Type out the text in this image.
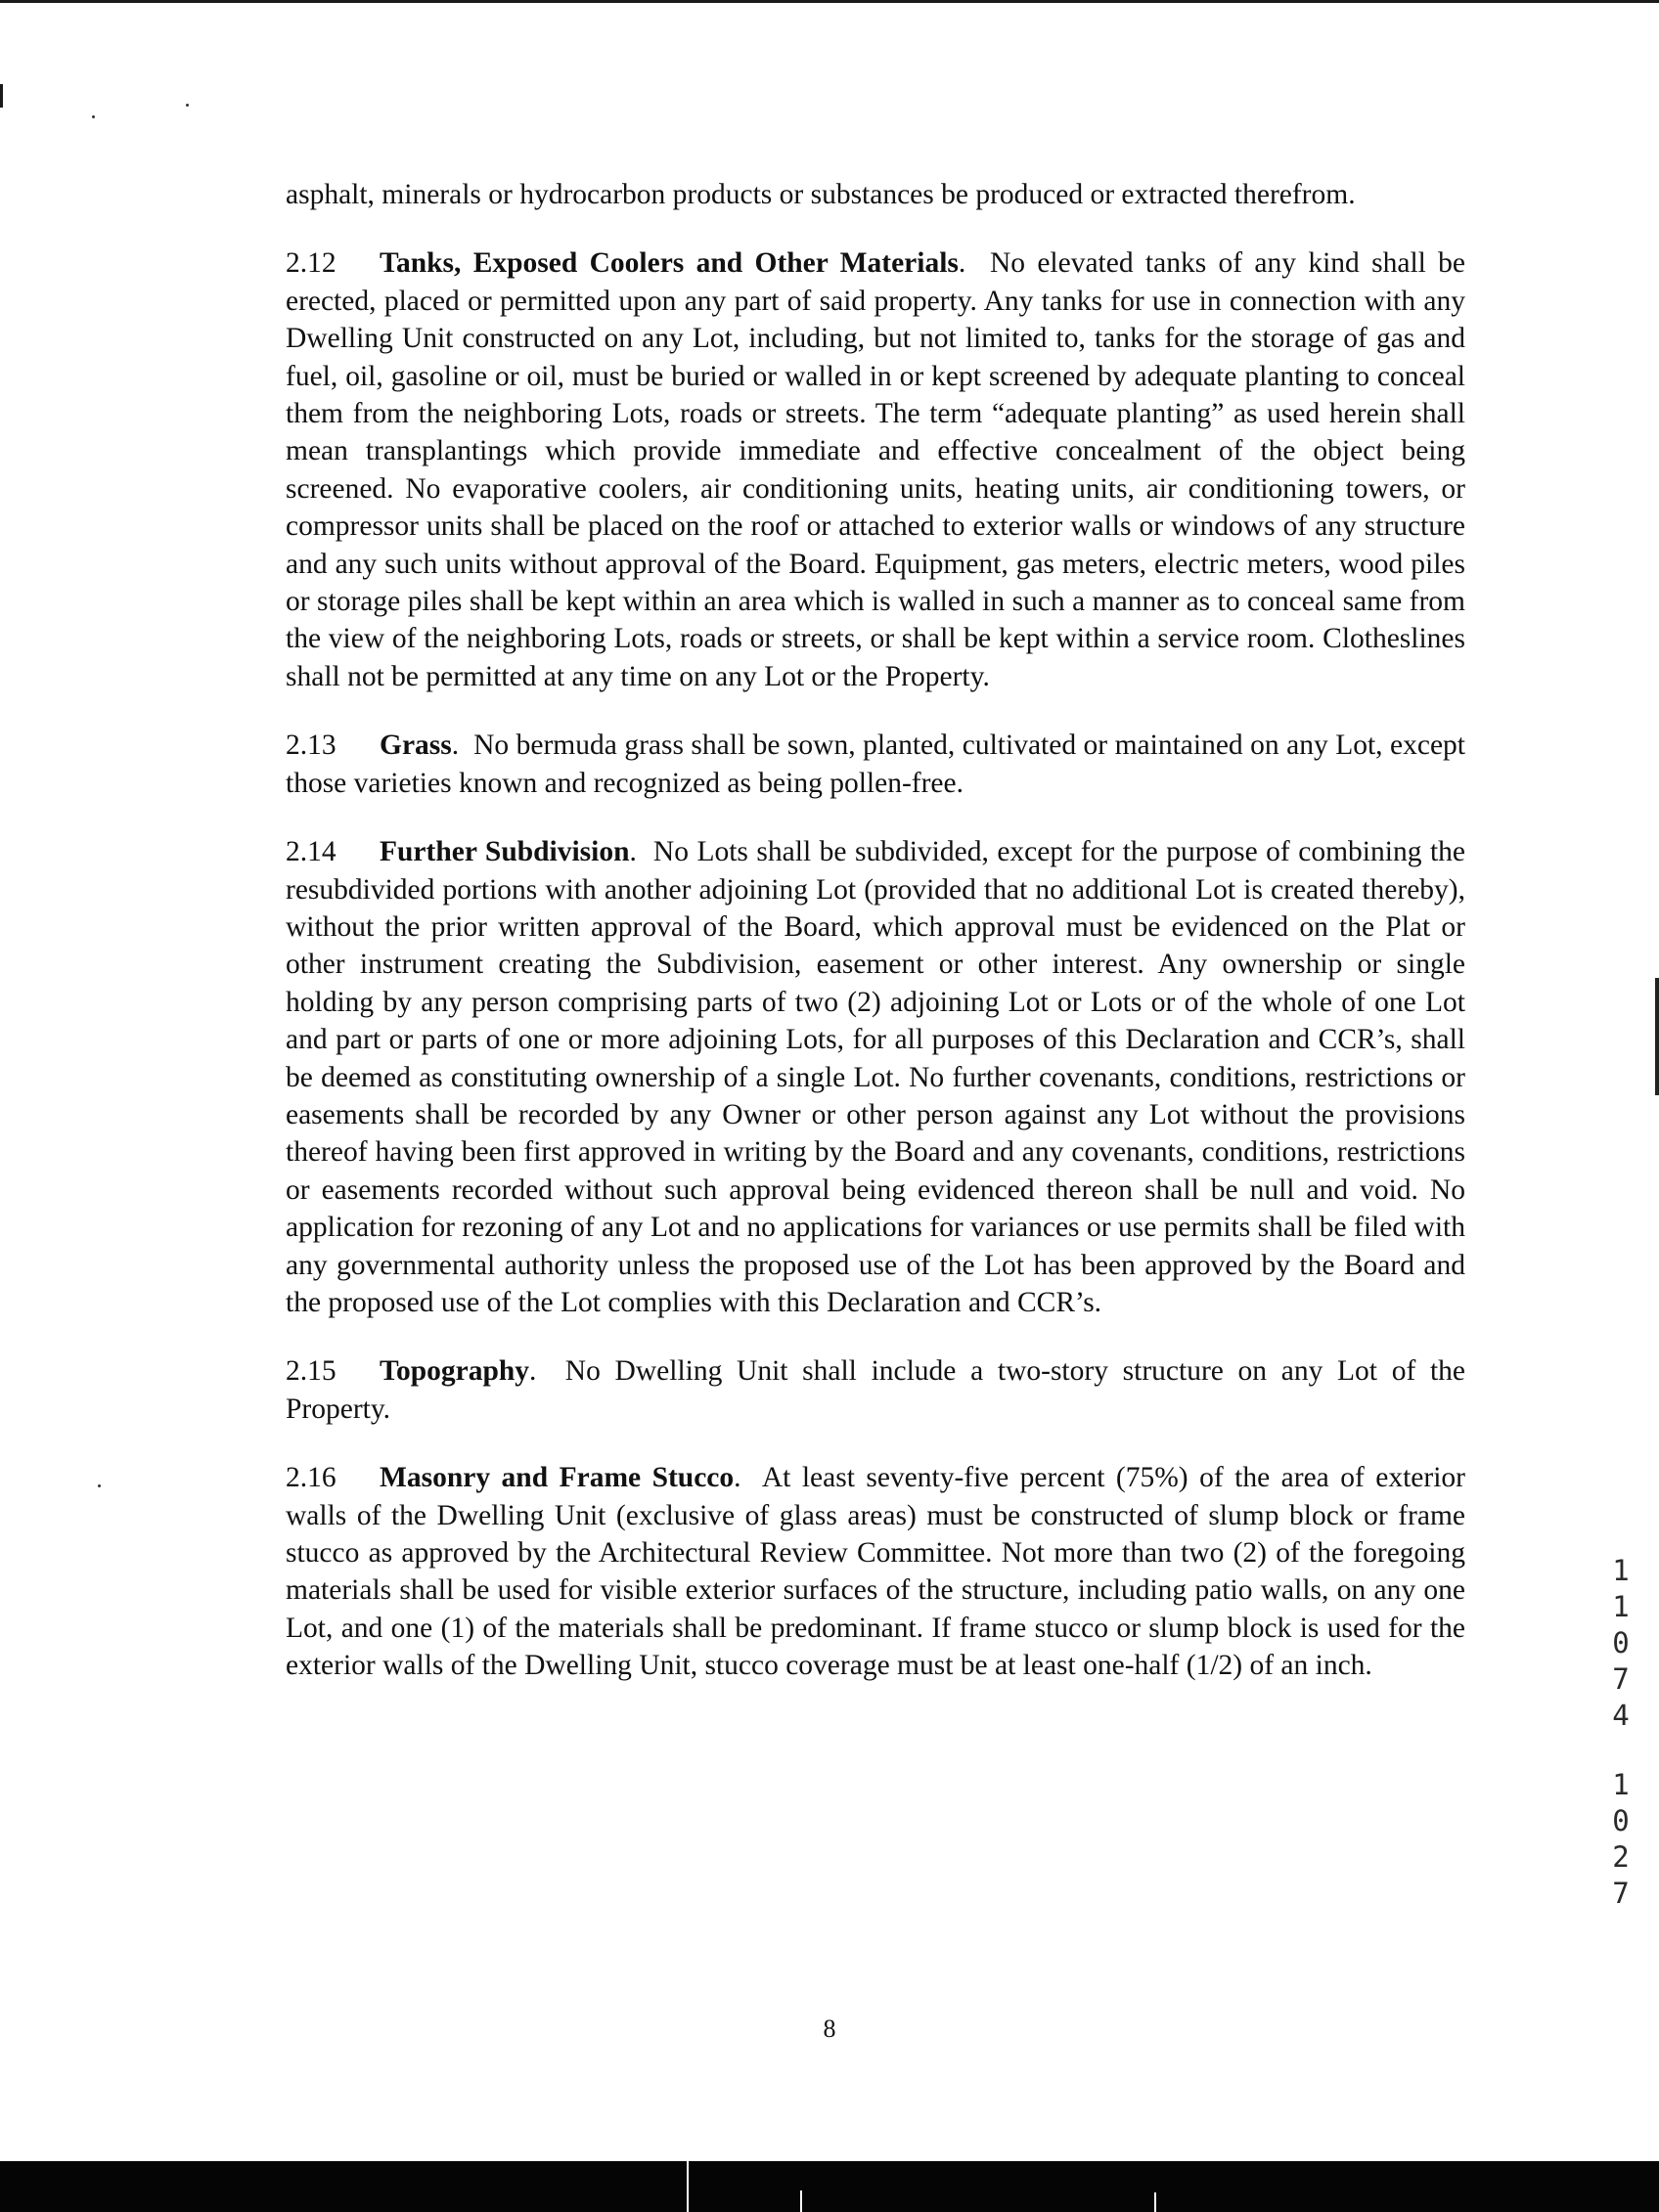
asphalt, minerals or hydrocarbon products or substances be produced or extracted therefrom.

2.12 Tanks, Exposed Coolers and Other Materials. No elevated tanks of any kind shall be erected, placed or permitted upon any part of said property. Any tanks for use in connection with any Dwelling Unit constructed on any Lot, including, but not limited to, tanks for the storage of gas and fuel, oil, gasoline or oil, must be buried or walled in or kept screened by adequate planting to conceal them from the neighboring Lots, roads or streets. The term “adequate planting” as used herein shall mean transplantings which provide immediate and effective concealment of the object being screened. No evaporative coolers, air conditioning units, heating units, air conditioning towers, or compressor units shall be placed on the roof or attached to exterior walls or windows of any structure and any such units without approval of the Board. Equipment, gas meters, electric meters, wood piles or storage piles shall be kept within an area which is walled in such a manner as to conceal same from the view of the neighboring Lots, roads or streets, or shall be kept within a service room. Clotheslines shall not be permitted at any time on any Lot or the Property.

2.13 Grass. No bermuda grass shall be sown, planted, cultivated or maintained on any Lot, except those varieties known and recognized as being pollen-free.

2.14 Further Subdivision. No Lots shall be subdivided, except for the purpose of combining the resubdivided portions with another adjoining Lot (provided that no additional Lot is created thereby), without the prior written approval of the Board, which approval must be evidenced on the Plat or other instrument creating the Subdivision, easement or other interest. Any ownership or single holding by any person comprising parts of two (2) adjoining Lot or Lots or of the whole of one Lot and part or parts of one or more adjoining Lots, for all purposes of this Declaration and CCR’s, shall be deemed as constituting ownership of a single Lot. No further covenants, conditions, restrictions or easements shall be recorded by any Owner or other person against any Lot without the provisions thereof having been first approved in writing by the Board and any covenants, conditions, restrictions or easements recorded without such approval being evidenced thereon shall be null and void. No application for rezoning of any Lot and no applications for variances or use permits shall be filed with any governmental authority unless the proposed use of the Lot has been approved by the Board and the proposed use of the Lot complies with this Declaration and CCR’s.

2.15 Topography. No Dwelling Unit shall include a two-story structure on any Lot of the Property.

2.16 Masonry and Frame Stucco. At least seventy-five percent (75%) of the area of exterior walls of the Dwelling Unit (exclusive of glass areas) must be constructed of slump block or frame stucco as approved by the Architectural Review Committee. Not more than two (2) of the foregoing materials shall be used for visible exterior surfaces of the structure, including patio walls, on any one Lot, and one (1) of the materials shall be predominant. If frame stucco or slump block is used for the exterior walls of the Dwelling Unit, stucco coverage must be at least one-half (1/2) of an inch.

1
1
0
7
4
1
0
2
7
8
